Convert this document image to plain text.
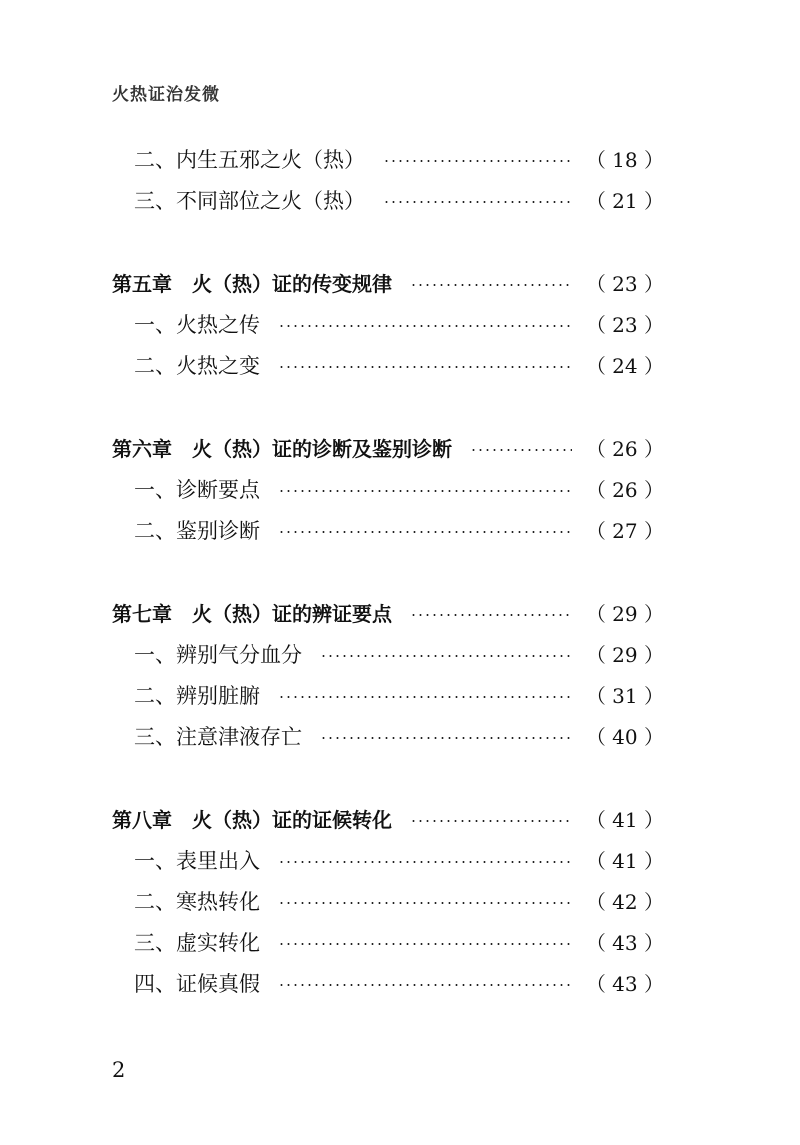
火热证治发微
二、内生五邪之火（热）	（ 18 ）
三、不同部位之火（热）	（ 21 ）
第五章　火（热）证的传变规律	（ 23 ）
一、火热之传	（ 23 ）
二、火热之变	（ 24 ）
第六章　火（热）证的诊断及鉴别诊断	（ 26 ）
一、诊断要点	（ 26 ）
二、鉴别诊断	（ 27 ）
第七章　火（热）证的辨证要点	（ 29 ）
一、辨别气分血分	（ 29 ）
二、辨别脏腑	（ 31 ）
三、注意津液存亡	（ 40 ）
第八章　火（热）证的证候转化	（ 41 ）
一、表里出入	（ 41 ）
二、寒热转化	（ 42 ）
三、虚实转化	（ 43 ）
四、证候真假	（ 43 ）
2
